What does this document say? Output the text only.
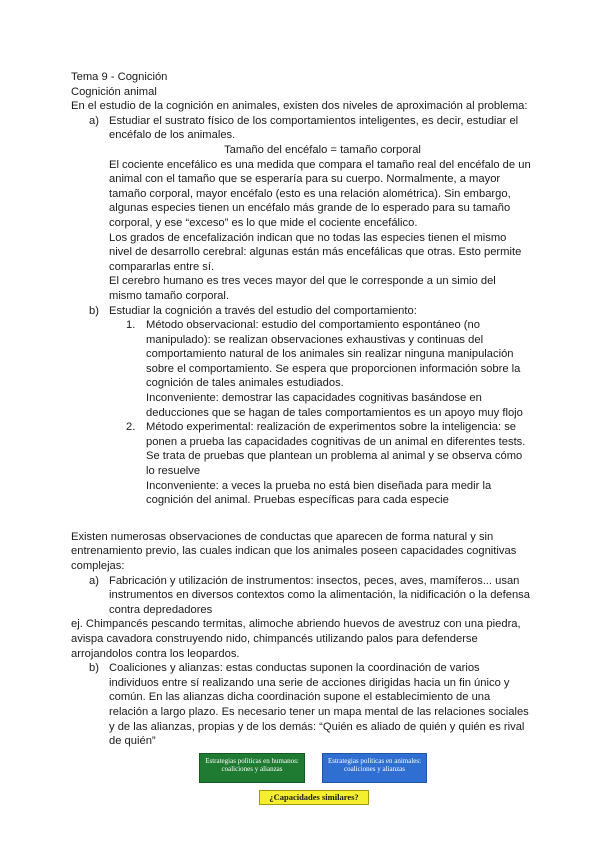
Tema 9 - Cognición

Cognición animal

En el estudio de la cognición en animales, existen dos niveles de aproximación al problema:

a) Estudiar el sustrato físico de los comportamientos inteligentes, es decir, estudiar el

encéfalo de los animales.

Tamaño del encéfalo = tamaño corporal

El cociente encefálico es una medida que compara el tamaño real del encéfalo de un

animal con el tamaño que se esperaría para su cuerpo. Normalmente, a mayor

tamaño corporal, mayor encéfalo (esto es una relación alométrica). Sin embargo,

algunas especies tienen un encéfalo más grande de lo esperado para su tamaño

corporal, y ese “exceso” es lo que mide el cociente encefálico.

Los grados de encefalización indican que no todas las especies tienen el mismo

nivel de desarrollo cerebral: algunas están más encefálicas que otras. Esto permite

compararlas entre sí.

El cerebro humano es tres veces mayor del que le corresponde a un simio del

mismo tamaño corporal.

b) Estudiar la cognición a través del estudio del comportamiento:

1. Método observacional: estudio del comportamiento espontáneo (no

manipulado): se realizan observaciones exhaustivas y continuas del

comportamiento natural de los animales sin realizar ninguna manipulación

sobre el comportamiento. Se espera que proporcionen información sobre la

cognición de tales animales estudiados.

Inconveniente: demostrar las capacidades cognitivas basándose en

deducciones que se hagan de tales comportamientos es un apoyo muy flojo

2. Método experimental: realización de experimentos sobre la inteligencia: se

ponen a prueba las capacidades cognitivas de un animal en diferentes tests.

Se trata de pruebas que plantean un problema al animal y se observa cómo

lo resuelve

Inconveniente: a veces la prueba no está bien diseñada para medir la

cognición del animal. Pruebas específicas para cada especie

Existen numerosas observaciones de conductas que aparecen de forma natural y sin

entrenamiento previo, las cuales indican que los animales poseen capacidades cognitivas

complejas:

a) Fabricación y utilización de instrumentos: insectos, peces, aves, mamíferos... usan

instrumentos en diversos contextos como la alimentación, la nidificación o la defensa

contra depredadores

ej. Chimpancés pescando termitas, alimoche abriendo huevos de avestruz con una piedra,

avispa cavadora construyendo nido, chimpancés utilizando palos para defenderse

arrojandolos contra los leopardos.

b) Coaliciones y alianzas: estas conductas suponen la coordinación de varios

individuos entre sí realizando una serie de acciones dirigidas hacia un fin único y

común. En las alianzas dicha coordinación supone el establecimiento de una

relación a largo plazo. Es necesario tener un mapa mental de las relaciones sociales

y de las alianzas, propias y de los demás: “Quién es aliado de quién y quién es rival

de quién”

Estrategias políticas en humanos: coaliciones y alianzas
Estrategias políticas en animales: coaliciones y alianzas
¿Capacidades similares?
